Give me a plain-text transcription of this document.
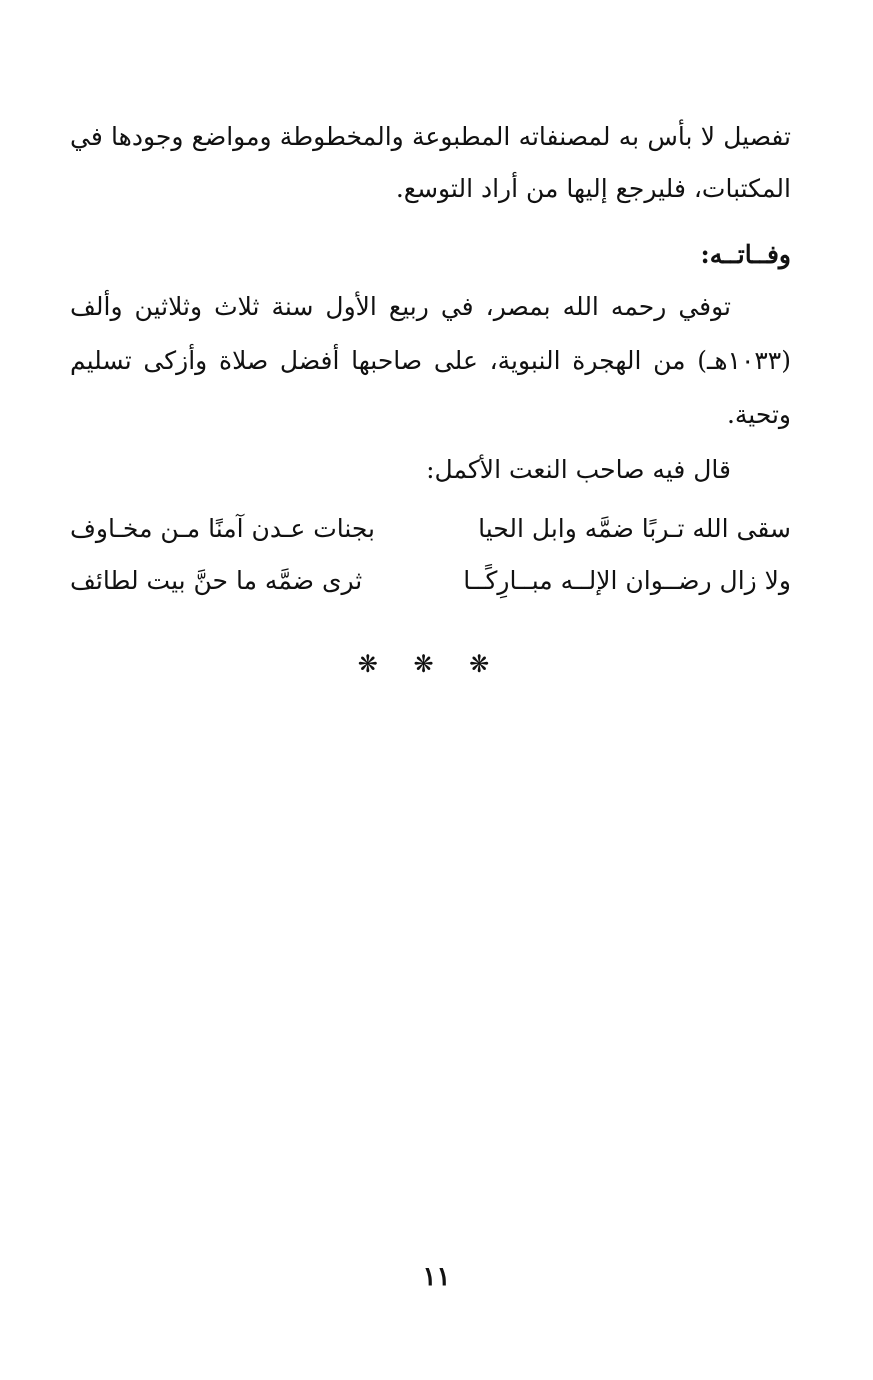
تفصيل لا بأس به لمصنفاته المطبوعة والمخطوطة ومواضع وجودها في
المكتبات، فليرجع إليها من أراد التوسع.
وفــاتــه:
توفي رحمه الله بمصر، في ربيع الأول سنة ثلاث وثلاثين وألف
(١٠٣٣هـ) من الهجرة النبوية، على صاحبها أفضل صلاة وأزكى تسليم
وتحية.
قال فيه صاحب النعت الأكمل:
سقى الله تـربًا ضمَّه وابل الحيا
بجنات عـدن آمنًا مـن مخـاوف
ولا زال رضــوان الإلــه مبــارِكًــا
ثرى ضمَّه ما حنَّ بيت لطائف
❋ ❋ ❋
١١
